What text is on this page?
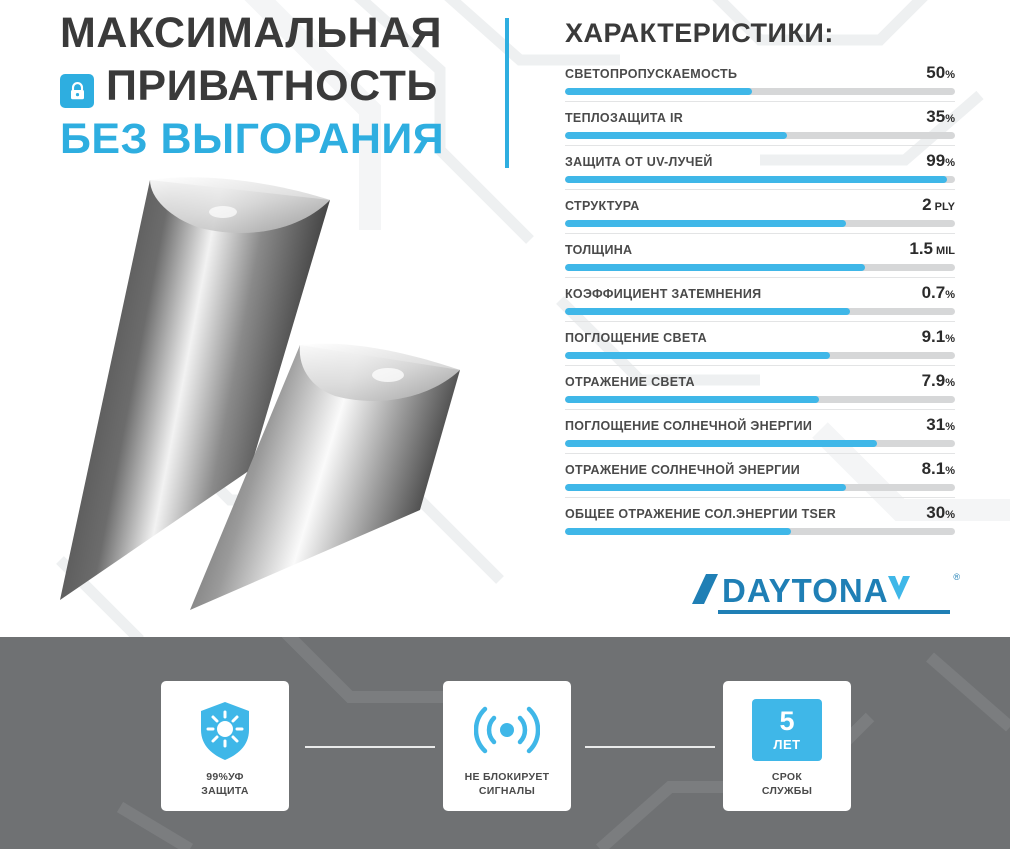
МАКСИМАЛЬНАЯ
ПРИВАТНОСТЬ
БЕЗ ВЫГОРАНИЯ
ХАРАКТЕРИСТИКИ:
СВЕТОПРОПУСКАЕМОСТЬ	50%
ТЕПЛОЗАЩИТА IR	35%
ЗАЩИТА ОТ UV-ЛУЧЕЙ	99%
СТРУКТУРА	2 PLY
ТОЛЩИНА	1.5 MIL
КОЭФФИЦИЕНТ ЗАТЕМНЕНИЯ	0.7%
ПОГЛОЩЕНИЕ СВЕТА	9.1%
ОТРАЖЕНИЕ СВЕТА	7.9%
ПОГЛОЩЕНИЕ СОЛНЕЧНОЙ ЭНЕРГИИ	31%
ОТРАЖЕНИЕ СОЛНЕЧНОЙ ЭНЕРГИИ	8.1%
ОБЩЕЕ ОТРАЖЕНИЕ СОЛ.ЭНЕРГИИ TSER	30%
DAYTONA	®
99%УФ
ЗАЩИТА
НЕ БЛОКИРУЕТ
СИГНАЛЫ
5
ЛЕТ
СРОК
СЛУЖБЫ
